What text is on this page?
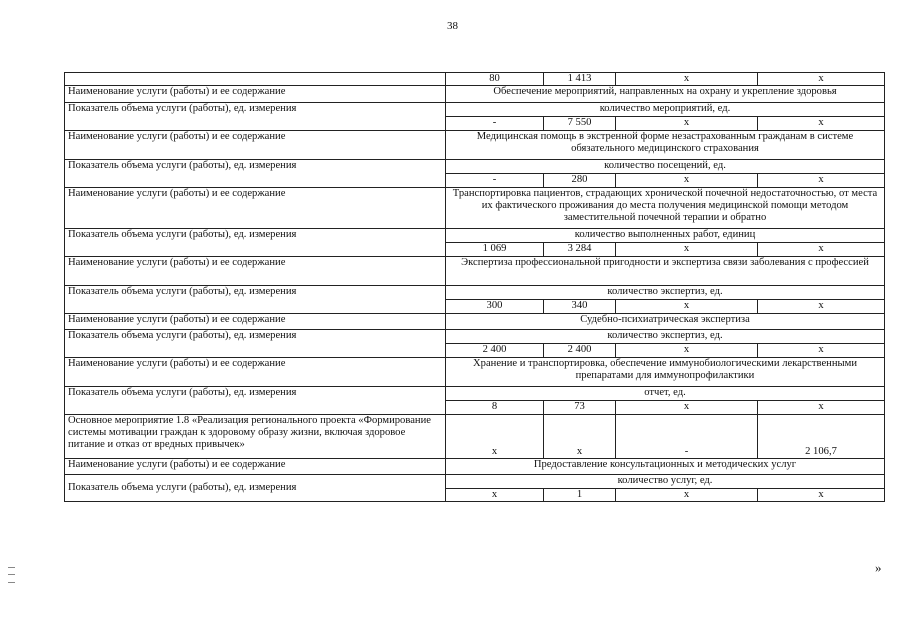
38
	80	1 413	х	х
Наименование услуги (работы) и ее содержание	Обеспечение мероприятий, направленных на охрану и укрепление здоровья			
Показатель объема услуги (работы), ед. измерения	количество мероприятий, ед.			
	-	7 550	х	х
Наименование услуги (работы) и ее содержание	Медицинская помощь в экстренной форме незастрахованным гражданам в системе обязательного медицинского страхования			
Показатель объема услуги (работы), ед. измерения	количество посещений, ед.			
	-	280	х	х
Наименование услуги (работы) и ее содержание	Транспортировка пациентов, страдающих хронической почечной недостаточностью, от места их фактического проживания до места получения медицинской помощи методом заместительной почечной терапии и обратно			
Показатель объема услуги (работы), ед. измерения	количество выполненных работ, единиц			
	1 069	3 284	х	х
Наименование услуги (работы) и ее содержание	Экспертиза профессиональной пригодности и экспертиза связи заболевания с профессией			
Показатель объема услуги (работы), ед. измерения	количество экспертиз, ед.			
	300	340	х	х
Наименование услуги (работы) и ее содержание	Судебно-психиатрическая экспертиза			
Показатель объема услуги (работы), ед. измерения	количество экспертиз, ед.			
	2 400	2 400	х	х
Наименование услуги (работы) и ее содержание	Хранение и транспортировка, обеспечение иммунобиологическими лекарственными препаратами для иммунопрофилактики			
Показатель объема услуги (работы), ед. измерения	отчет, ед.			
	8	73	х	х
Основное мероприятие 1.8 «Реализация регионального проекта «Формирование системы мотивации граждан к здоровому образу жизни, включая здоровое питание и отказ от вредных привычек»	х	х	-	2 106,7
Наименование услуги (работы) и ее содержание	Предоставление консультационных и методических услуг			
Показатель объема услуги (работы), ед. измерения	количество услуг, ед.			
	х	1	х	х
»
